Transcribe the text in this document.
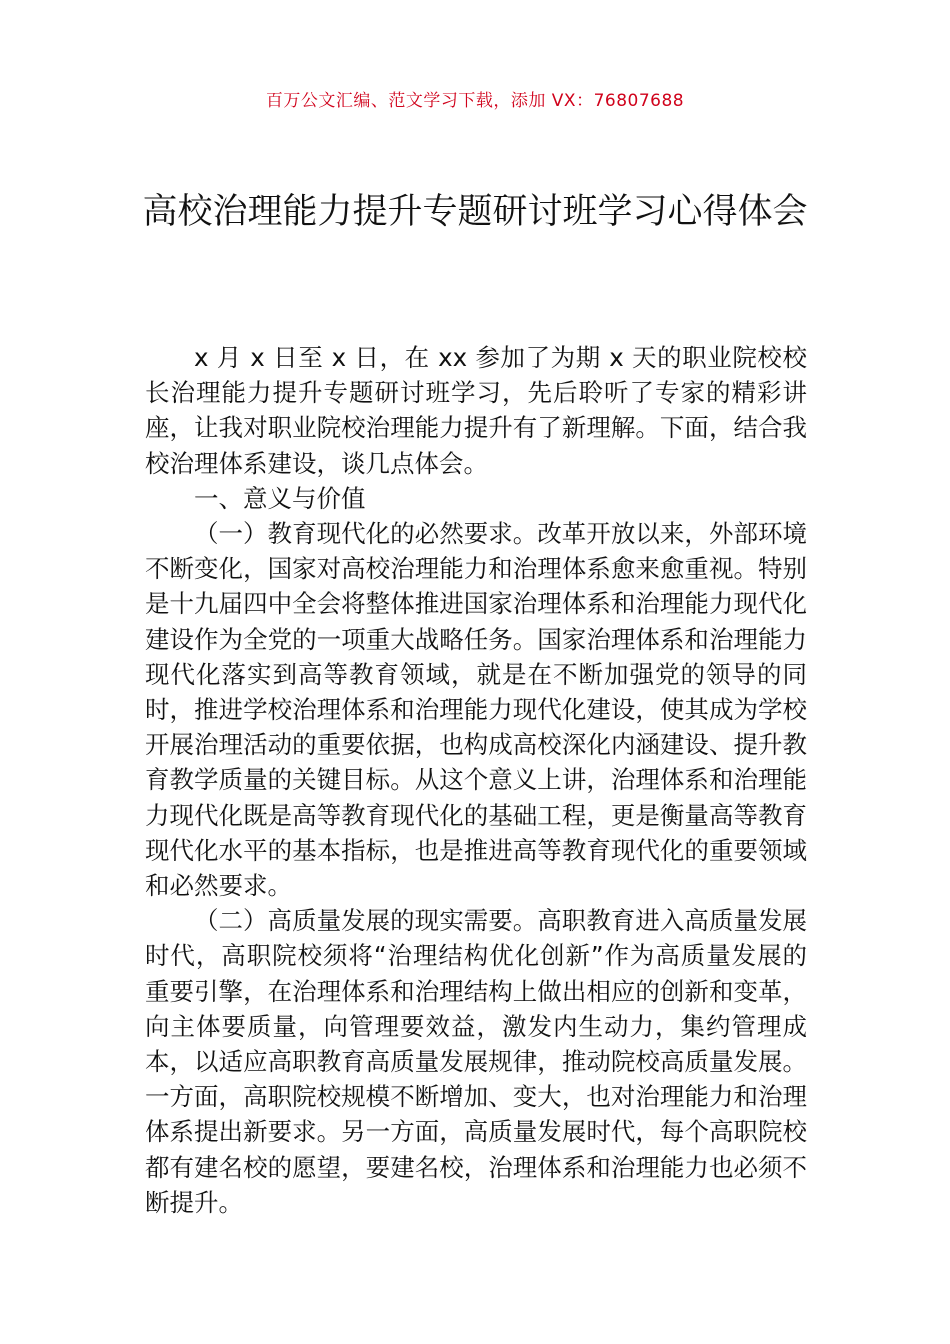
百万公文汇编、范文学习下载，添加 VX：76807688
高校治理能力提升专题研讨班学习心得体会

x 月 x 日至 x 日，在 xx 参加了为期 x 天的职业院校校长治理能力提升专题研讨班学习，先后聆听了专家的精彩讲座，让我对职业院校治理能力提升有了新理解。下面，结合我校治理体系建设，谈几点体会。

一、意义与价值

（一）教育现代化的必然要求。改革开放以来，外部环境不断变化，国家对高校治理能力和治理体系愈来愈重视。特别是十九届四中全会将整体推进国家治理体系和治理能力现代化建设作为全党的一项重大战略任务。国家治理体系和治理能力现代化落实到高等教育领域，就是在不断加强党的领导的同时，推进学校治理体系和治理能力现代化建设，使其成为学校开展治理活动的重要依据，也构成高校深化内涵建设、提升教育教学质量的关键目标。从这个意义上讲，治理体系和治理能力现代化既是高等教育现代化的基础工程，更是衡量高等教育现代化水平的基本指标，也是推进高等教育现代化的重要领域和必然要求。

（二）高质量发展的现实需要。高职教育进入高质量发展时代，高职院校须将“治理结构优化创新”作为高质量发展的重要引擎，在治理体系和治理结构上做出相应的创新和变革，向主体要质量，向管理要效益，激发内生动力，集约管理成本，以适应高职教育高质量发展规律，推动院校高质量发展。一方面，高职院校规模不断增加、变大，也对治理能力和治理体系提出新要求。另一方面，高质量发展时代，每个高职院校都有建名校的愿望，要建名校，治理体系和治理能力也必须不断提升。
